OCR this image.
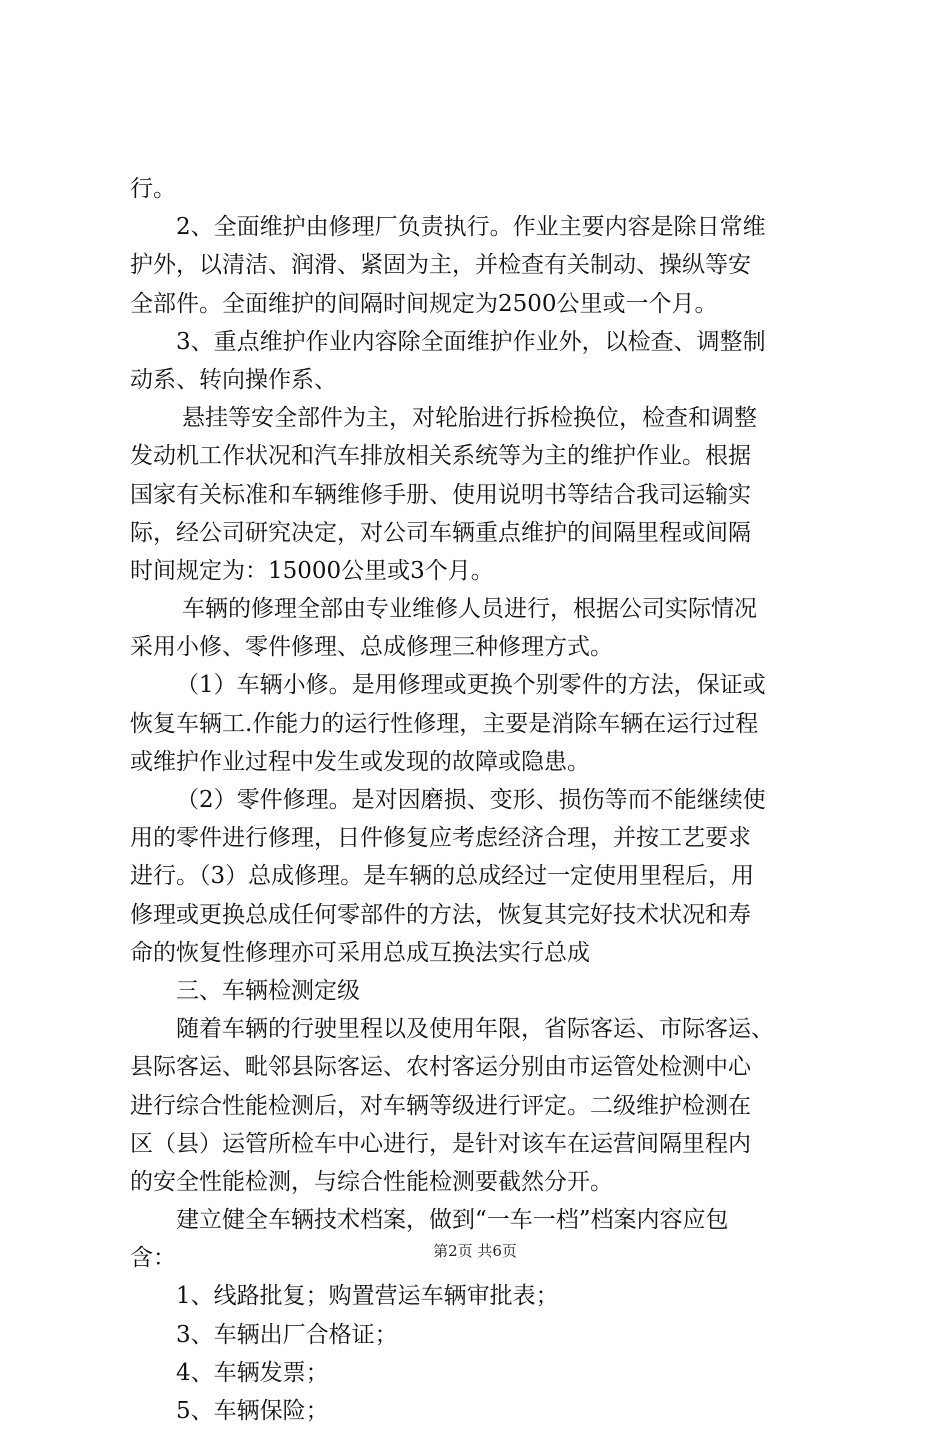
行。
2、全面维护由修理厂负责执行。作业主要内容是除日常维
护外，以清洁、润滑、紧固为主，并检查有关制动、操纵等安
全部件。全面维护的间隔时间规定为2500公里或一个月。
3、重点维护作业内容除全面维护作业外，以检查、调整制
动系、转向操作系、
悬挂等安全部件为主，对轮胎进行拆检换位，检查和调整
发动机工作状况和汽车排放相关系统等为主的维护作业。根据
国家有关标准和车辆维修手册、使用说明书等结合我司运输实
际，经公司研究决定，对公司车辆重点维护的间隔里程或间隔
时间规定为：15000公里或3个月。
车辆的修理全部由专业维修人员进行，根据公司实际情况
采用小修、零件修理、总成修理三种修理方式。
（1）车辆小修。是用修理或更换个别零件的方法，保证或
恢复车辆工.作能力的运行性修理，主要是消除车辆在运行过程
或维护作业过程中发生或发现的故障或隐患。
（2）零件修理。是对因磨损、变形、损伤等而不能继续使
用的零件进行修理，日件修复应考虑经济合理，并按工艺要求
进行。（3）总成修理。是车辆的总成经过一定使用里程后，用
修理或更换总成任何零部件的方法，恢复其完好技术状况和寿
命的恢复性修理亦可采用总成互换法实行总成
三、车辆检测定级
随着车辆的行驶里程以及使用年限，省际客运、市际客运、
县际客运、毗邻县际客运、农村客运分别由市运管处检测中心
进行综合性能检测后，对车辆等级进行评定。二级维护检测在
区（县）运管所检车中心进行，是针对该车在运营间隔里程内
的安全性能检测，与综合性能检测要截然分开。
建立健全车辆技术档案，做到“一车一档”档案内容应包
含：
1、线路批复；购置营运车辆审批表；
3、车辆出厂合格证；
4、车辆发票；
5、车辆保险；
第2页 共6页
